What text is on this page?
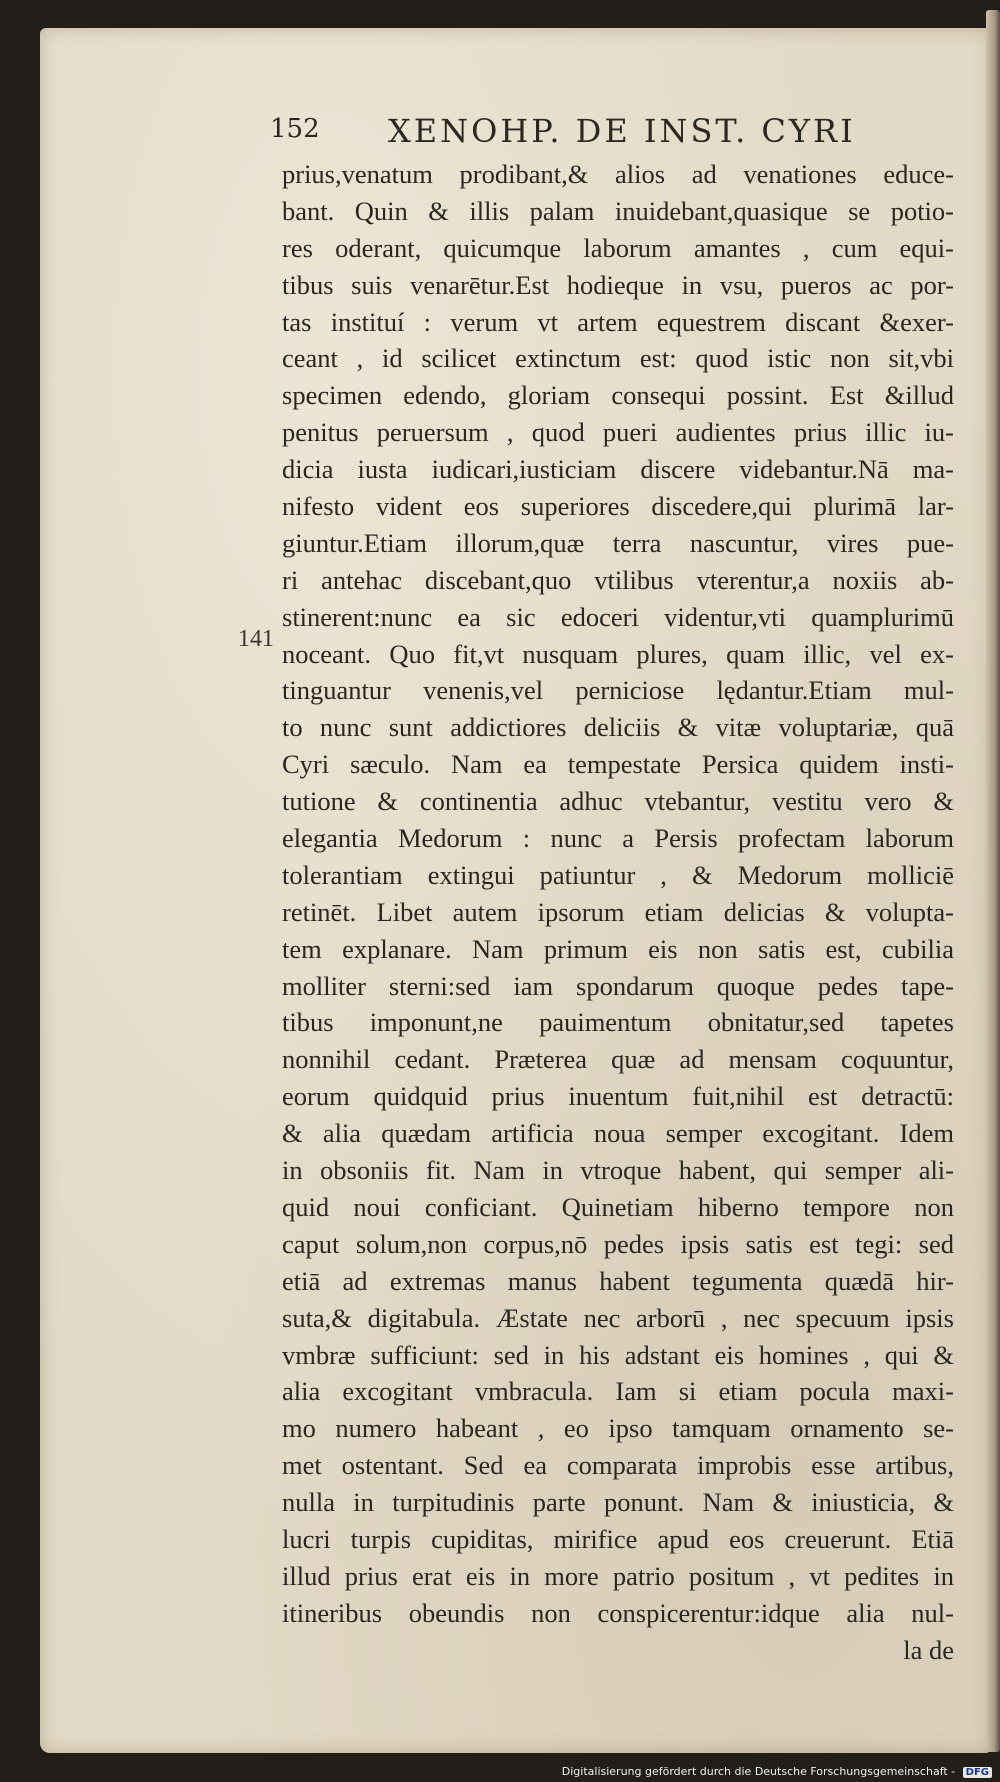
152 XENOHP. DE INST. CYRI
141
prius,venatum prodibant,& alios ad venationes educe-
bant. Quin & illis palam inuidebant,quasique se potio-
res oderant, quicumque laborum amantes , cum equi-
tibus suis venarētur.Est hodieque in vsu, pueros ac por-
tas instituí : verum vt artem equestrem discant &exer-
ceant , id scilicet extinctum est: quod istic non sit,vbi
specimen edendo, gloriam consequi possint. Est &illud
penitus peruersum , quod pueri audientes prius illic iu-
dicia iusta iudicari,iusticiam discere videbantur.Nā ma-
nifesto vident eos superiores discedere,qui plurimā lar-
giuntur.Etiam illorum,quæ terra nascuntur, vires pue-
ri antehac discebant,quo vtilibus vterentur,a noxiis ab-
stinerent:nunc ea sic edoceri videntur,vti quamplurimū
noceant. Quo fit,vt nusquam plures, quam illic, vel ex-
tinguantur venenis,vel perniciose lędantur.Etiam mul-
to nunc sunt addictiores deliciis & vitæ voluptariæ, quā
Cyri sæculo. Nam ea tempestate Persica quidem insti-
tutione & continentia adhuc vtebantur, vestitu vero &
elegantia Medorum : nunc a Persis profectam laborum
tolerantiam extingui patiuntur , & Medorum molliciē
retinēt. Libet autem ipsorum etiam delicias & volupta-
tem explanare. Nam primum eis non satis est, cubilia
molliter sterni:sed iam spondarum quoque pedes tape-
tibus imponunt,ne pauimentum obnitatur,sed tapetes
nonnihil cedant. Præterea quæ ad mensam coquuntur,
eorum quidquid prius inuentum fuit,nihil est detractū:
& alia quædam artificia noua semper excogitant. Idem
in obsoniis fit. Nam in vtroque habent, qui semper ali-
quid noui conficiant. Quinetiam hiberno tempore non
caput solum,non corpus,nō pedes ipsis satis est tegi: sed
etiā ad extremas manus habent tegumenta quædā hir-
suta,& digitabula. Æstate nec arborū , nec specuum ipsis
vmbræ sufficiunt: sed in his adstant eis homines , qui &
alia excogitant vmbracula. Iam si etiam pocula maxi-
mo numero habeant , eo ipso tamquam ornamento se-
met ostentant. Sed ea comparata improbis esse artibus,
nulla in turpitudinis parte ponunt. Nam & iniusticia, &
lucri turpis cupiditas, mirifice apud eos creuerunt. Etiā
illud prius erat eis in more patrio positum , vt pedites in
itineribus obeundis non conspicerentur:idque alia nul-
la de
Digitalisierung gefördert durch die Deutsche Forschungsgemeinschaft - DFG
